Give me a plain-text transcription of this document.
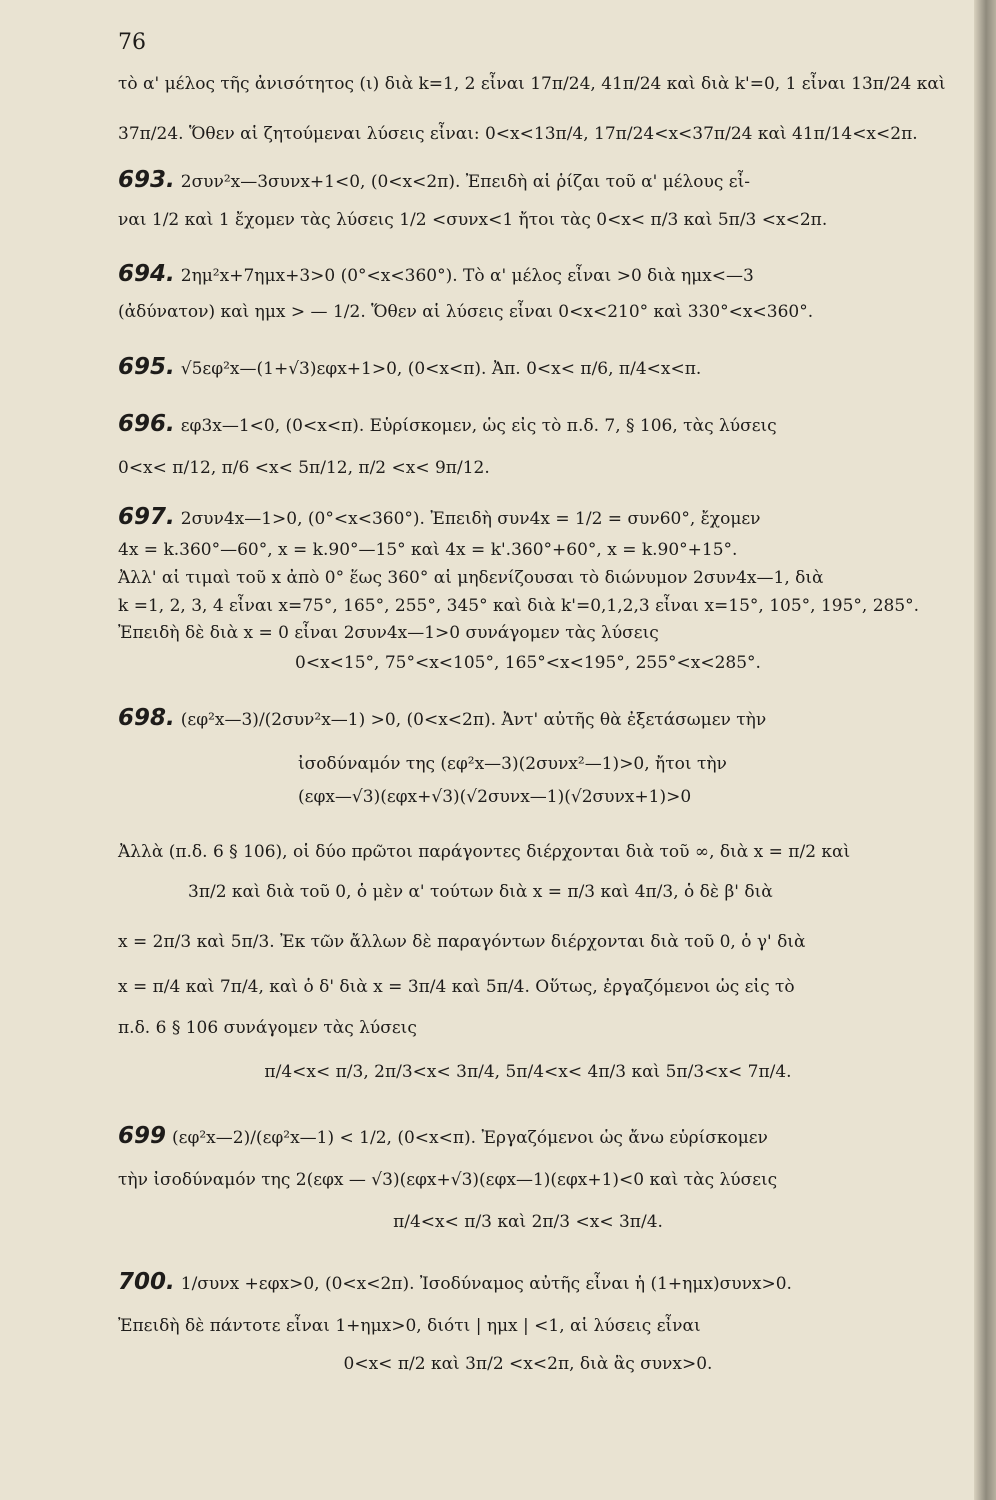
76
τὸ α' μέλος τῆς ἀνισότητος (ι) διὰ k=1, 2 εἶναι 17π/24, 41π/24 καὶ διὰ k'=0, 1 εἶναι 13π/24 καὶ
37π/24. Ὅθεν αἱ ζητούμεναι λύσεις εἶναι: 0<x<13π/4, 17π/24<x<37π/24 καὶ 41π/14<x<2π.
693. 2συν²x—3συνx+1<0, (0<x<2π). Ἐπειδὴ αἱ ῥίζαι τοῦ α' μέλους εἶ-
ναι 1/2 καὶ 1 ἔχομεν τὰς λύσεις 1/2 <συνx<1 ἤτοι τὰς 0<x< π/3 καὶ 5π/3 <x<2π.
694. 2ημ²x+7ημx+3>0 (0°<x<360°). Τὸ α' μέλος εἶναι >0 διὰ ημx<—3
(ἀδύνατον) καὶ ημx > — 1/2. Ὅθεν αἱ λύσεις εἶναι 0<x<210° καὶ 330°<x<360°.
695. √5εφ²x—(1+√3)εφx+1>0, (0<x<π). Ἀπ. 0<x< π/6, π/4<x<π.
696. εφ3x—1<0, (0<x<π). Εὑρίσκομεν, ὡς εἰς τὸ π.δ. 7, § 106, τὰς λύσεις
0<x< π/12, π/6 <x< 5π/12, π/2 <x< 9π/12.
697. 2συν4x—1>0, (0°<x<360°). Ἐπειδὴ συν4x = 1/2 = συν60°, ἔχομεν
4x = k.360°—60°, x = k.90°—15° καὶ 4x = k'.360°+60°, x = k.90°+15°.
Ἀλλ' αἱ τιμαὶ τοῦ x ἀπὸ 0° ἕως 360° αἱ μηδενίζουσαι τὸ διώνυμον 2συν4x—1, διὰ
k =1, 2, 3, 4 εἶναι x=75°, 165°, 255°, 345° καὶ διὰ k'=0,1,2,3 εἶναι x=15°, 105°, 195°, 285°.
Ἐπειδὴ δὲ διὰ x = 0 εἶναι 2συν4x—1>0 συνάγομεν τὰς λύσεις
0<x<15°, 75°<x<105°, 165°<x<195°, 255°<x<285°.
698. (εφ²x—3)/(2συν²x—1) >0, (0<x<2π). Ἀντ' αὐτῆς θὰ ἐξετάσωμεν τὴν
ἰσοδύναμόν της (εφ²x—3)(2συνx²—1)>0, ἤτοι τὴν
(εφx—√3)(εφx+√3)(√2συνx—1)(√2συνx+1)>0
Ἀλλὰ (π.δ. 6 § 106), οἱ δύο πρῶτοι παράγοντες διέρχονται διὰ τοῦ ∞, διὰ x = π/2 καὶ
3π/2 καὶ διὰ τοῦ 0, ὁ μὲν α' τούτων διὰ x = π/3 καὶ 4π/3, ὁ δὲ β' διὰ
x = 2π/3 καὶ 5π/3. Ἐκ τῶν ἄλλων δὲ παραγόντων διέρχονται διὰ τοῦ 0, ὁ γ' διὰ
x = π/4 καὶ 7π/4, καὶ ὁ δ' διὰ x = 3π/4 καὶ 5π/4. Οὕτως, ἐργαζόμενοι ὡς εἰς τὸ
π.δ. 6 § 106 συνάγομεν τὰς λύσεις
π/4<x< π/3, 2π/3<x< 3π/4, 5π/4<x< 4π/3 καὶ 5π/3<x< 7π/4.
699 (εφ²x—2)/(εφ²x—1) < 1/2, (0<x<π). Ἐργαζόμενοι ὡς ἄνω εὑρίσκομεν
τὴν ἰσοδύναμόν της 2(εφx — √3)(εφx+√3)(εφx—1)(εφx+1)<0 καὶ τὰς λύσεις
π/4<x< π/3 καὶ 2π/3 <x< 3π/4.
700. 1/συνx +εφx>0, (0<x<2π). Ἰσοδύναμος αὐτῆς εἶναι ἡ (1+ημx)συνx>0.
Ἐπειδὴ δὲ πάντοτε εἶναι 1+ημx>0, διότι | ημx | <1, αἱ λύσεις εἶναι
0<x< π/2 καὶ 3π/2 <x<2π, διὰ ἃς συνx>0.
